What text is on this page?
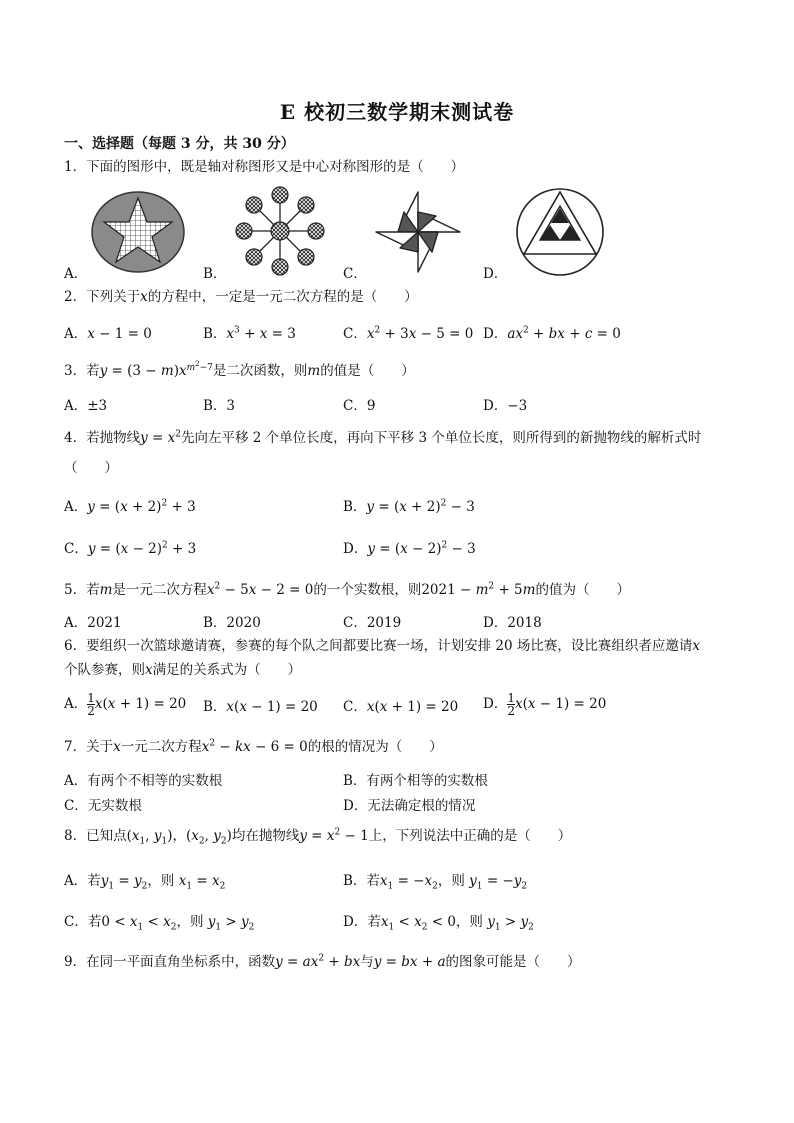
E 校初三数学期末测试卷
一、选择题（每题 3 分，共 30 分）
1．下面的图形中，既是轴对称图形又是中心对称图形的是（　　）
A．	B．	C．	D．
2．下列关于x的方程中，一定是一元二次方程的是（　　）
A．x − 1 = 0	B．$x^3 + x = 3$	C．$x^2 + 3x - 5 = 0$ D．$ax^2$ + bx + c = 0
3．若$y = (3 - m)x^{m^2-7}$是二次函数，则m的值是（　　）
A．±3	B．3	C．9	D．−3
4．若抛物线$y = x^2$先向左平移 2 个单位长度，再向下平移 3 个单位长度，则所得到的新抛物线的解析式时
（　　）
A．$y = (x + 2)^2 + 3$	B．$y = (x + 2)^2 - 3$
C．$y = (x - 2)^2 + 3$	D．$y = (x - 2)^2 - 3$
5．若m是一元二次方程$x^2 - 5x - 2 = 0$的一个实数根，则$2021 - m^2 + 5m$的值为（　　）
A．2021	B．2020	C．2019	D．2018
6．要组织一次篮球邀请赛，参赛的每个队之间都要比赛一场，计划安排 20 场比赛，设比赛组织者应邀请x
个队参赛，则x满足的关系式为（　　）
A． $\frac{1}{2} x(x + 1) = 20$ B．x(x − 1) = 20 C．x(x + 1) = 20 D． $\frac{1}{2} x(x - 1) = 20$
7．关于x一元二次方程$x^2$ − kx − 6 = 0的根的情况为（　　）
A．有两个不相等的实数根	B．有两个相等的实数根
C．无实数根	D．无法确定根的情况
8．已知点($x_1$, $y_1$)，($x_2$, $y_2$)均在抛物线$y = x^2 - 1$上，下列说法中正确的是（　　）
A．若$y_1 = y_2$，则 $x_1 = x_2$	B．若$x_1 = -x_2$，则 $y_1 = -y_2$
C．若$0 < x_1 < x_2$，则 $y_1 > y_2$	D．若$x_1 < x_2 < 0$，则 $y_1 > y_2$
9．在同一平面直角坐标系中，函数$y = ax^2$ + bx与y = bx + a的图象可能是（　　）
